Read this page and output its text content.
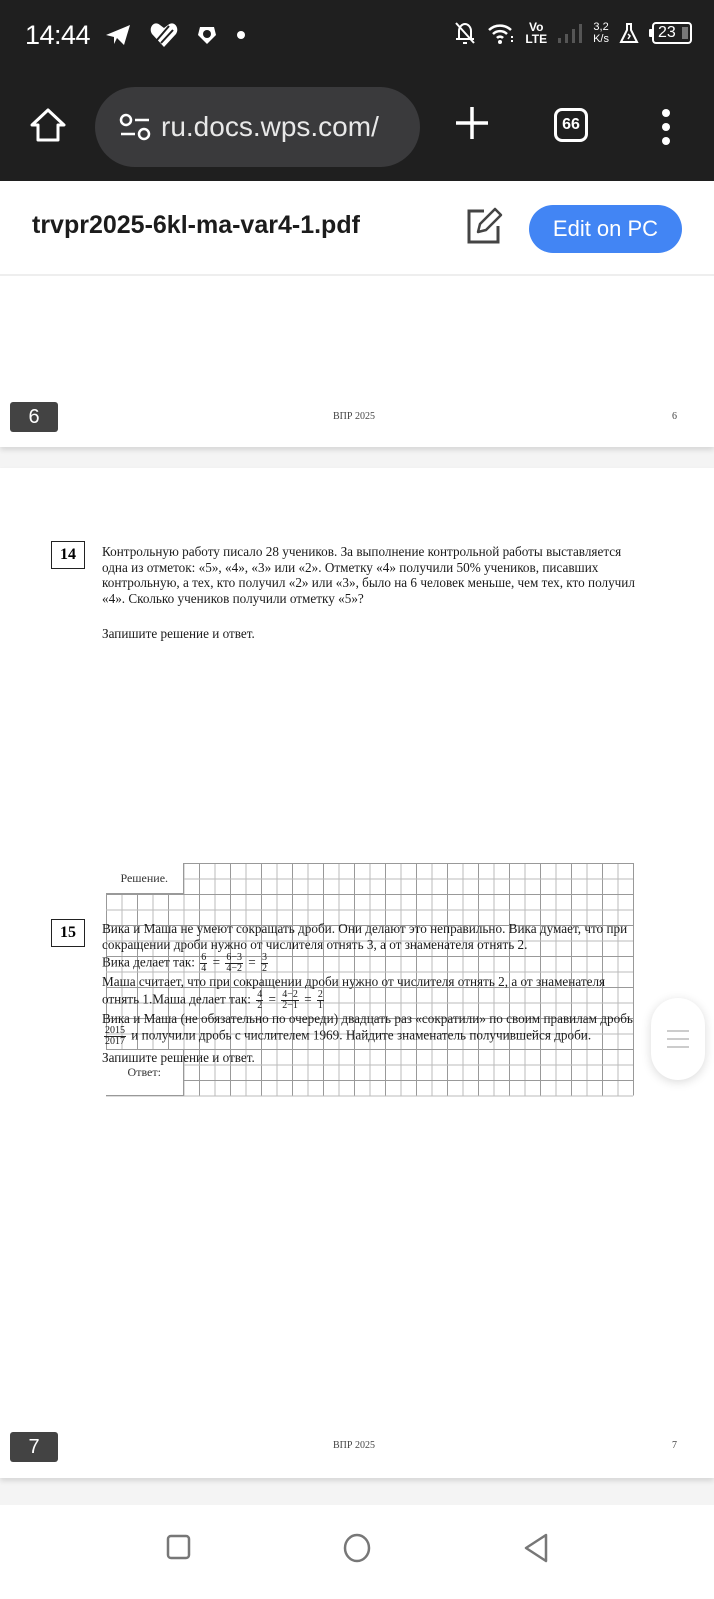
14:44	Vo
LTE
3,2
K/s	23
ru.docs.wps.com/	66
trvpr2025-6kl-ma-var4-1.pdf	Edit on PC
6	ВПР 2025	6
14	Контрольную работу писало 28 учеников. За выполнение контрольной работы выставляется одна из отметок: «5», «4», «3» или «2». Отметку «4» получили 50% учеников, писавших контрольную, а тех, кто получил «2» или «3», было на 6 человек меньше, чем тех, кто получил «4». Сколько учеников получили отметку «5»?
Запишите решение и ответ.
Решение.
Ответ:
15	Вика и Маша не умеют сокращать дроби. Они делают это неправильно. Вика думает, что при сокращении дроби нужно от числителя отнять 3, а от знаменателя отнять 2.
Вика делает так: $\frac{6}{4} = \frac{6-3}{4-2} = \frac{3}{2}$
Маша считает, что при сокращении дроби нужно от числителя отнять 2, а от знаменателя отнять 1.Маша делает так: $\frac{4}{2} = \frac{4-2}{2-1} = \frac{2}{1}$
Вика и Маша (не обязательно по очереди) двадцать раз «сократили» по своим правилам дробь
$\frac{2015}{2017}$ и получили дробь с числителем 1969. Найдите знаменатель получившейся дроби.
Запишите решение и ответ.
7	ВПР 2025	7
